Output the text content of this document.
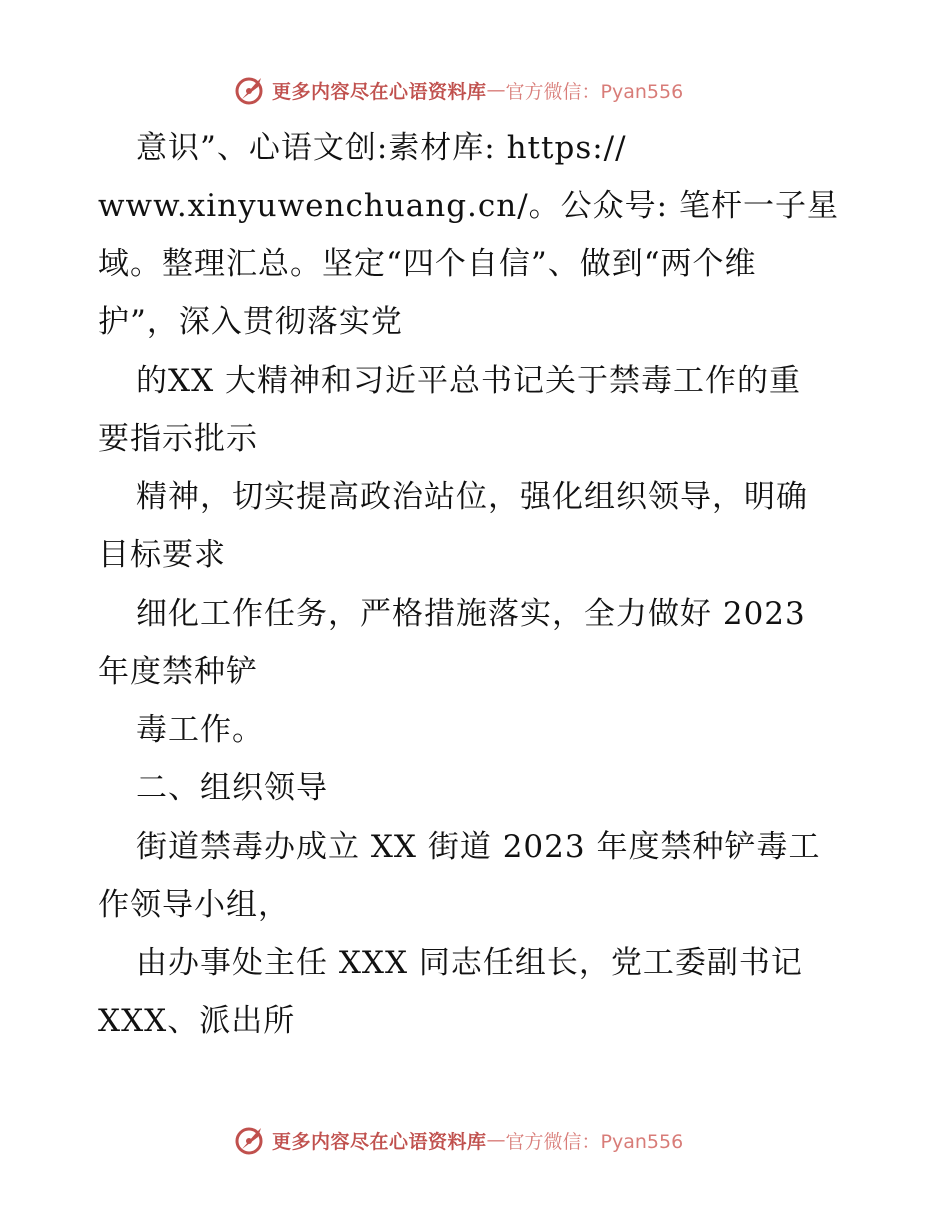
更多内容尽在心语资料库 — 官方微信：Pyan556
意识”、心语文创:素材库: https://
www.xinyuwenchuang.cn/。公众号: 笔杆一子星
域。整理汇总。坚定“四个自信”、做到“两个维
护”，深入贯彻落实党
的XX 大精神和习近平总书记关于禁毒工作的重
要指示批示
精神，切实提高政治站位，强化组织领导，明确
目标要求
细化工作任务，严格措施落实，全力做好 2023
年度禁种铲
毒工作。
二、组织领导
街道禁毒办成立 XX 街道 2023 年度禁种铲毒工
作领导小组，
由办事处主任 XXX 同志任组长，党工委副书记
XXX、派出所
更多内容尽在心语资料库 — 官方微信：Pyan556
